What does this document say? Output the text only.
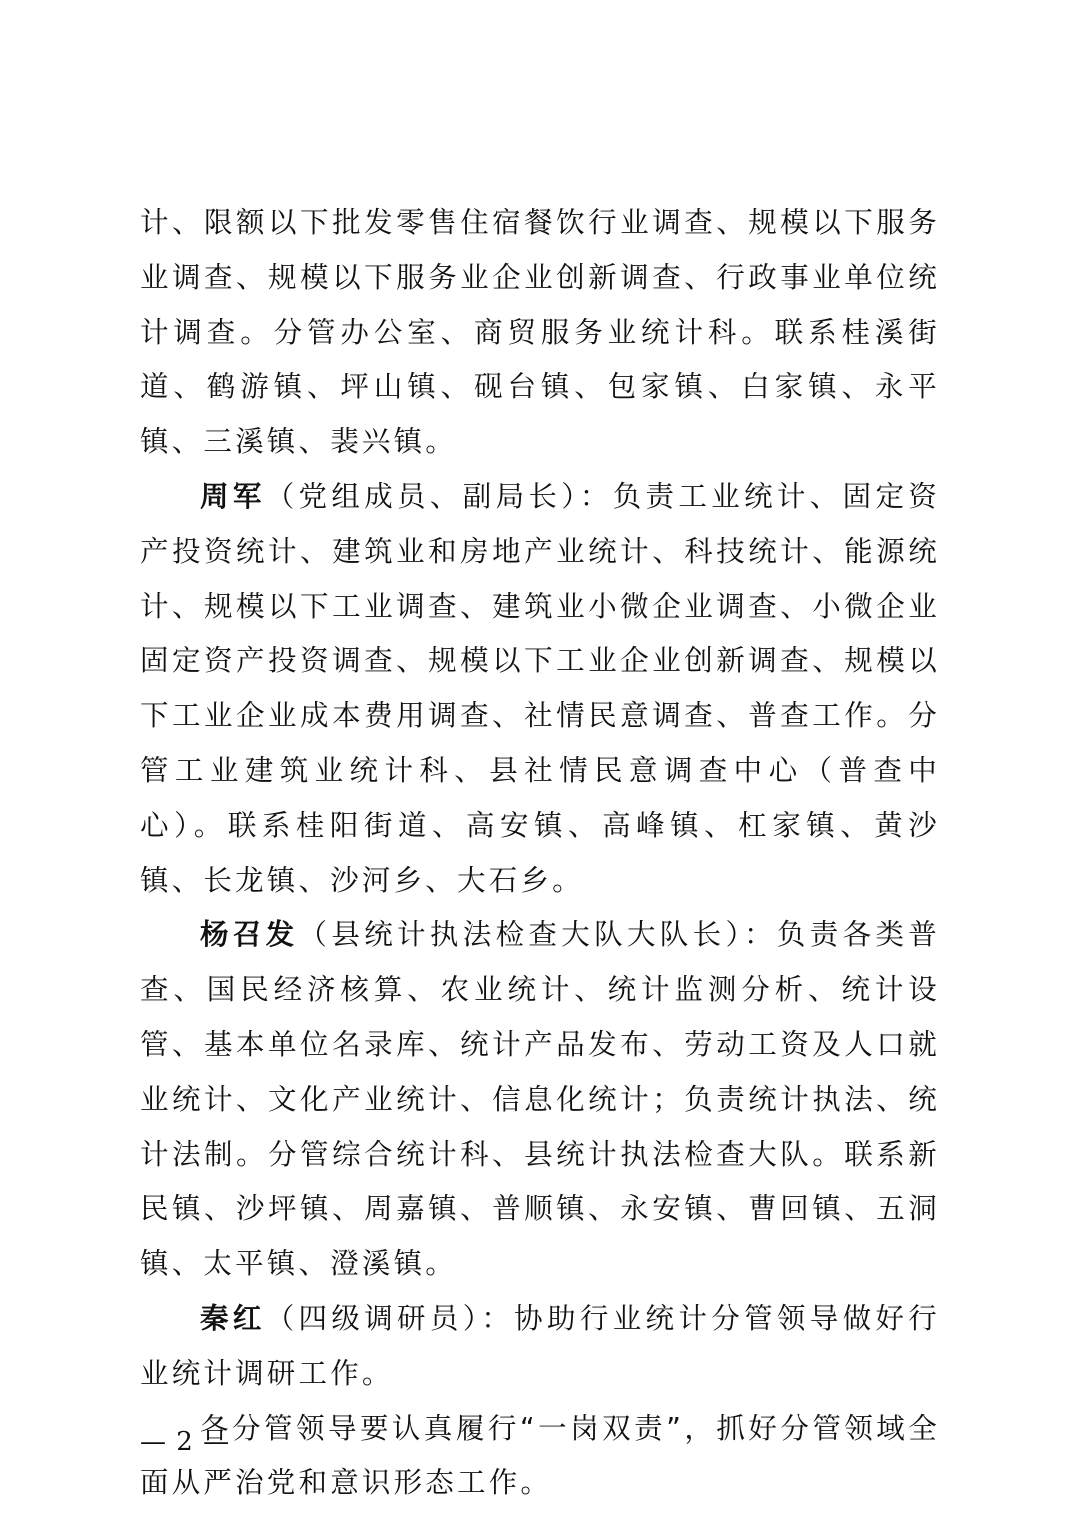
计、限额以下批发零售住宿餐饮行业调查、规模以下服务业调查、规模以下服务业企业创新调查、行政事业单位统计调查。分管办公室、商贸服务业统计科。联系桂溪街道、鹤游镇、坪山镇、砚台镇、包家镇、白家镇、永平镇、三溪镇、裴兴镇。

周军（党组成员、副局长）：负责工业统计、固定资产投资统计、建筑业和房地产业统计、科技统计、能源统计、规模以下工业调查、建筑业小微企业调查、小微企业固定资产投资调查、规模以下工业企业创新调查、规模以下工业企业成本费用调查、社情民意调查、普查工作。分管工业建筑业统计科、县社情民意调查中心（普查中心）。联系桂阳街道、高安镇、高峰镇、杠家镇、黄沙镇、长龙镇、沙河乡、大石乡。

杨召发（县统计执法检查大队大队长）：负责各类普查、国民经济核算、农业统计、统计监测分析、统计设管、基本单位名录库、统计产品发布、劳动工资及人口就业统计、文化产业统计、信息化统计；负责统计执法、统计法制。分管综合统计科、县统计执法检查大队。联系新民镇、沙坪镇、周嘉镇、普顺镇、永安镇、曹回镇、五洞镇、太平镇、澄溪镇。

秦红（四级调研员）：协助行业统计分管领导做好行业统计调研工作。

各分管领导要认真履行“一岗双责”，抓好分管领域全面从严治党和意识形态工作。

— 2 —
